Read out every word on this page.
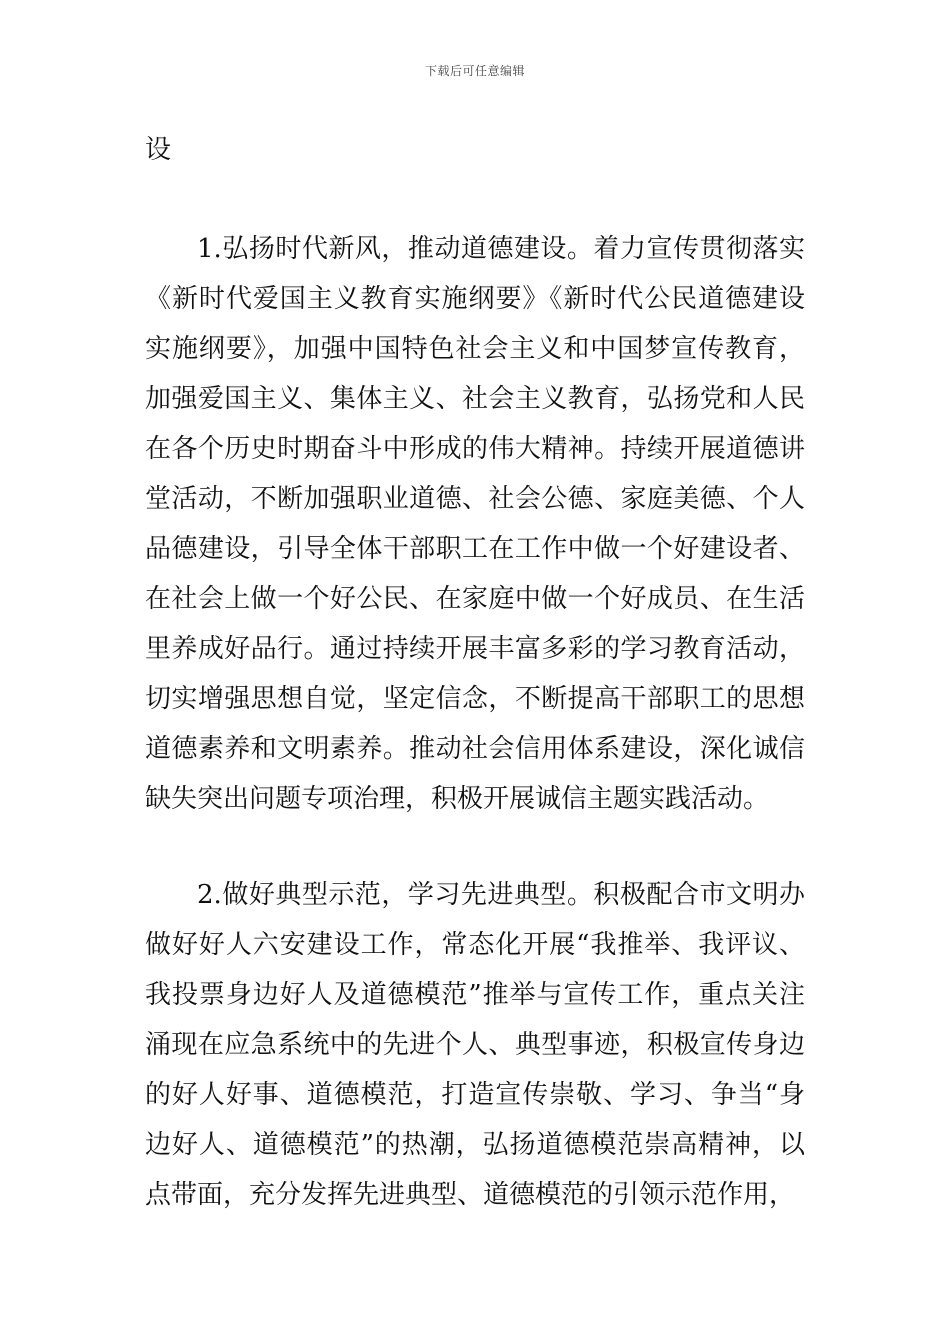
下载后可任意编辑

设

1.弘扬时代新风，推动道德建设。着力宣传贯彻落实《新时代爱国主义教育实施纲要》《新时代公民道德建设实施纲要》，加强中国特色社会主义和中国梦宣传教育，加强爱国主义、集体主义、社会主义教育，弘扬党和人民在各个历史时期奋斗中形成的伟大精神。持续开展道德讲堂活动，不断加强职业道德、社会公德、家庭美德、个人品德建设，引导全体干部职工在工作中做一个好建设者、在社会上做一个好公民、在家庭中做一个好成员、在生活里养成好品行。通过持续开展丰富多彩的学习教育活动，切实增强思想自觉，坚定信念，不断提高干部职工的思想道德素养和文明素养。推动社会信用体系建设，深化诚信缺失突出问题专项治理，积极开展诚信主题实践活动。

2.做好典型示范，学习先进典型。积极配合市文明办做好好人六安建设工作，常态化开展“我推举、我评议、我投票身边好人及道德模范”推举与宣传工作，重点关注涌现在应急系统中的先进个人、典型事迹，积极宣传身边的好人好事、道德模范，打造宣传崇敬、学习、争当“身边好人、道德模范”的热潮，弘扬道德模范崇高精神，以点带面，充分发挥先进典型、道德模范的引领示范作用，
